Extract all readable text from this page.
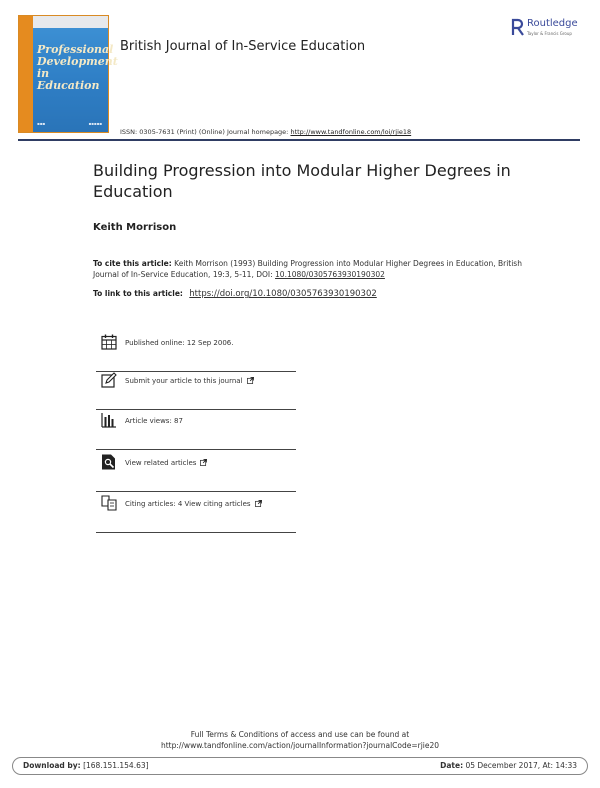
Professional
Development
in Education
▪▪▪	▪▪▪▪▪
British Journal of In-Service Education
Routledge
Taylor & Francis Group
ISSN: 0305-7631 (Print) (Online) Journal homepage: http://www.tandfonline.com/loi/rjie18
Building Progression into Modular Higher Degrees in Education
Keith Morrison
To cite this article: Keith Morrison (1993) Building Progression into Modular Higher Degrees in Education, British Journal of In-Service Education, 19:3, 5-11, DOI: 10.1080/0305763930190302
To link to this article: https://doi.org/10.1080/0305763930190302
Published online: 12 Sep 2006.
Submit your article to this journal
Article views: 87
View related articles
Citing articles: 4 View citing articles
Full Terms & Conditions of access and use can be found at
http://www.tandfonline.com/action/journalInformation?journalCode=rjie20
Download by: [168.151.154.63]	Date: 05 December 2017, At: 14:33
